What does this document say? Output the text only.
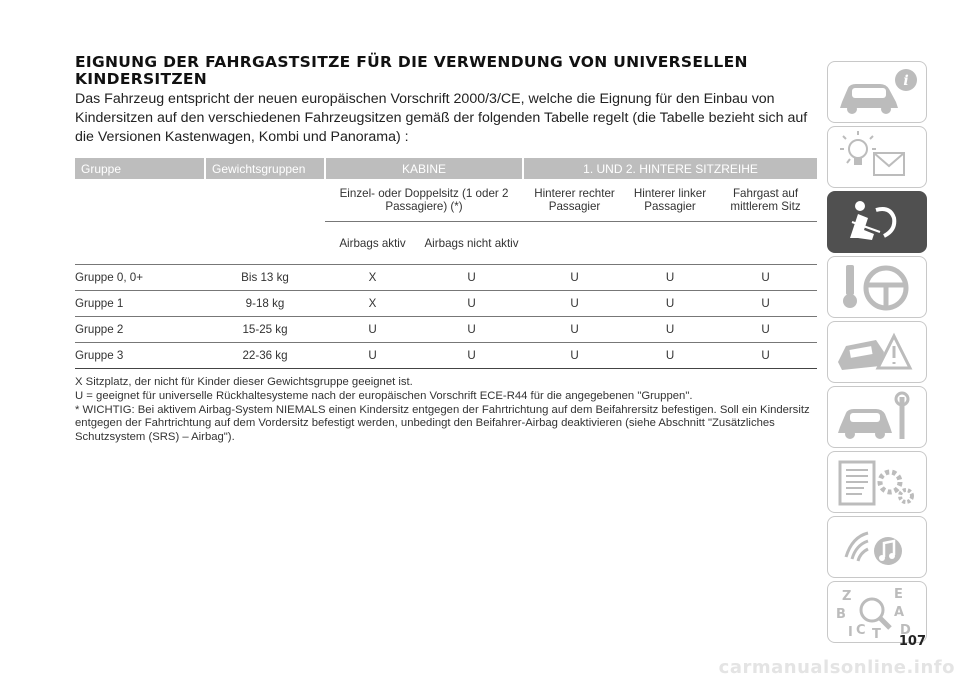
EIGNUNG DER FAHRGASTSITZE FÜR DIE VERWENDUNG VON UNIVERSELLEN KINDERSITZEN

Das Fahrzeug entspricht der neuen europäischen Vorschrift 2000/3/CE, welche die Eignung für den Einbau von Kindersitzen auf den verschiedenen Fahrzeugsitzen gemäß der folgenden Tabelle regelt (die Tabelle bezieht sich auf die Versionen Kastenwagen, Kombi und Panorama) :

Gruppe	Gewichtsgruppen	KABINE		1. UND 2. HINTERE SITZREIHE		
		Einzel- oder Doppelsitz (1 oder 2 Passagiere) (*)		Hinterer rechter Passagier	Hinterer linker Passagier	Fahrgast auf mittlerem Sitz
		Airbags aktiv	Airbags nicht aktiv			
Gruppe 0, 0+	Bis 13 kg	X	U	U	U	U
Gruppe 1	9-18 kg	X	U	U	U	U
Gruppe 2	15-25 kg	U	U	U	U	U
Gruppe 3	22-36 kg	U	U	U	U	U

X Sitzplatz, der nicht für Kinder dieser Gewichtsgruppe geeignet ist.

U = geeignet für universelle Rückhaltesysteme nach der europäischen Vorschrift ECE-R44 für die angegebenen "Gruppen".

* WICHTIG: Bei aktivem Airbag-System NIEMALS einen Kindersitz entgegen der Fahrtrichtung auf dem Beifahrersitz befestigen. Soll ein Kindersitz entgegen der Fahrtrichtung auf dem Vordersitz befestigt werden, unbedingt den Beifahrer-Airbag deaktivieren (siehe Abschnitt "Zusätzliches Schutzsystem (SRS) – Airbag").

i
Z	E
A
B
C T D
I
107
carmanualsonline.info
